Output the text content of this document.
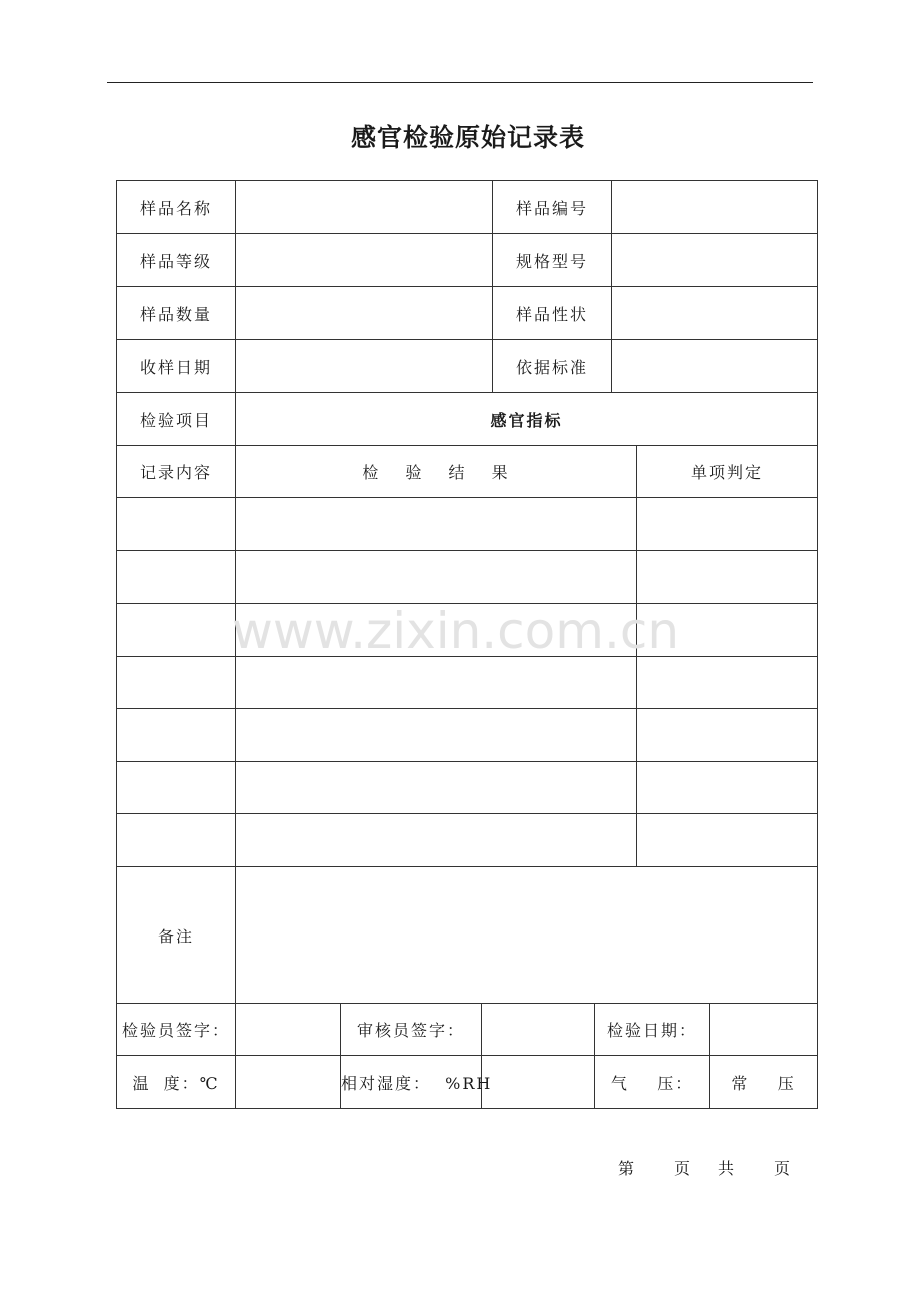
感官检验原始记录表
样品名称				样品编号				
样品等级				规格型号				
样品数量				样品性状				
收样日期				依据标准				
检验项目	感官指标							
记录内容	检 验 结 果						单项判定	

备注								
检验员签字：		审核员签字：			检验日期：			
温 度：℃		相对湿度：  %RH			气    压：			常    压
www.zixin.com.cn
第	页	共	页
